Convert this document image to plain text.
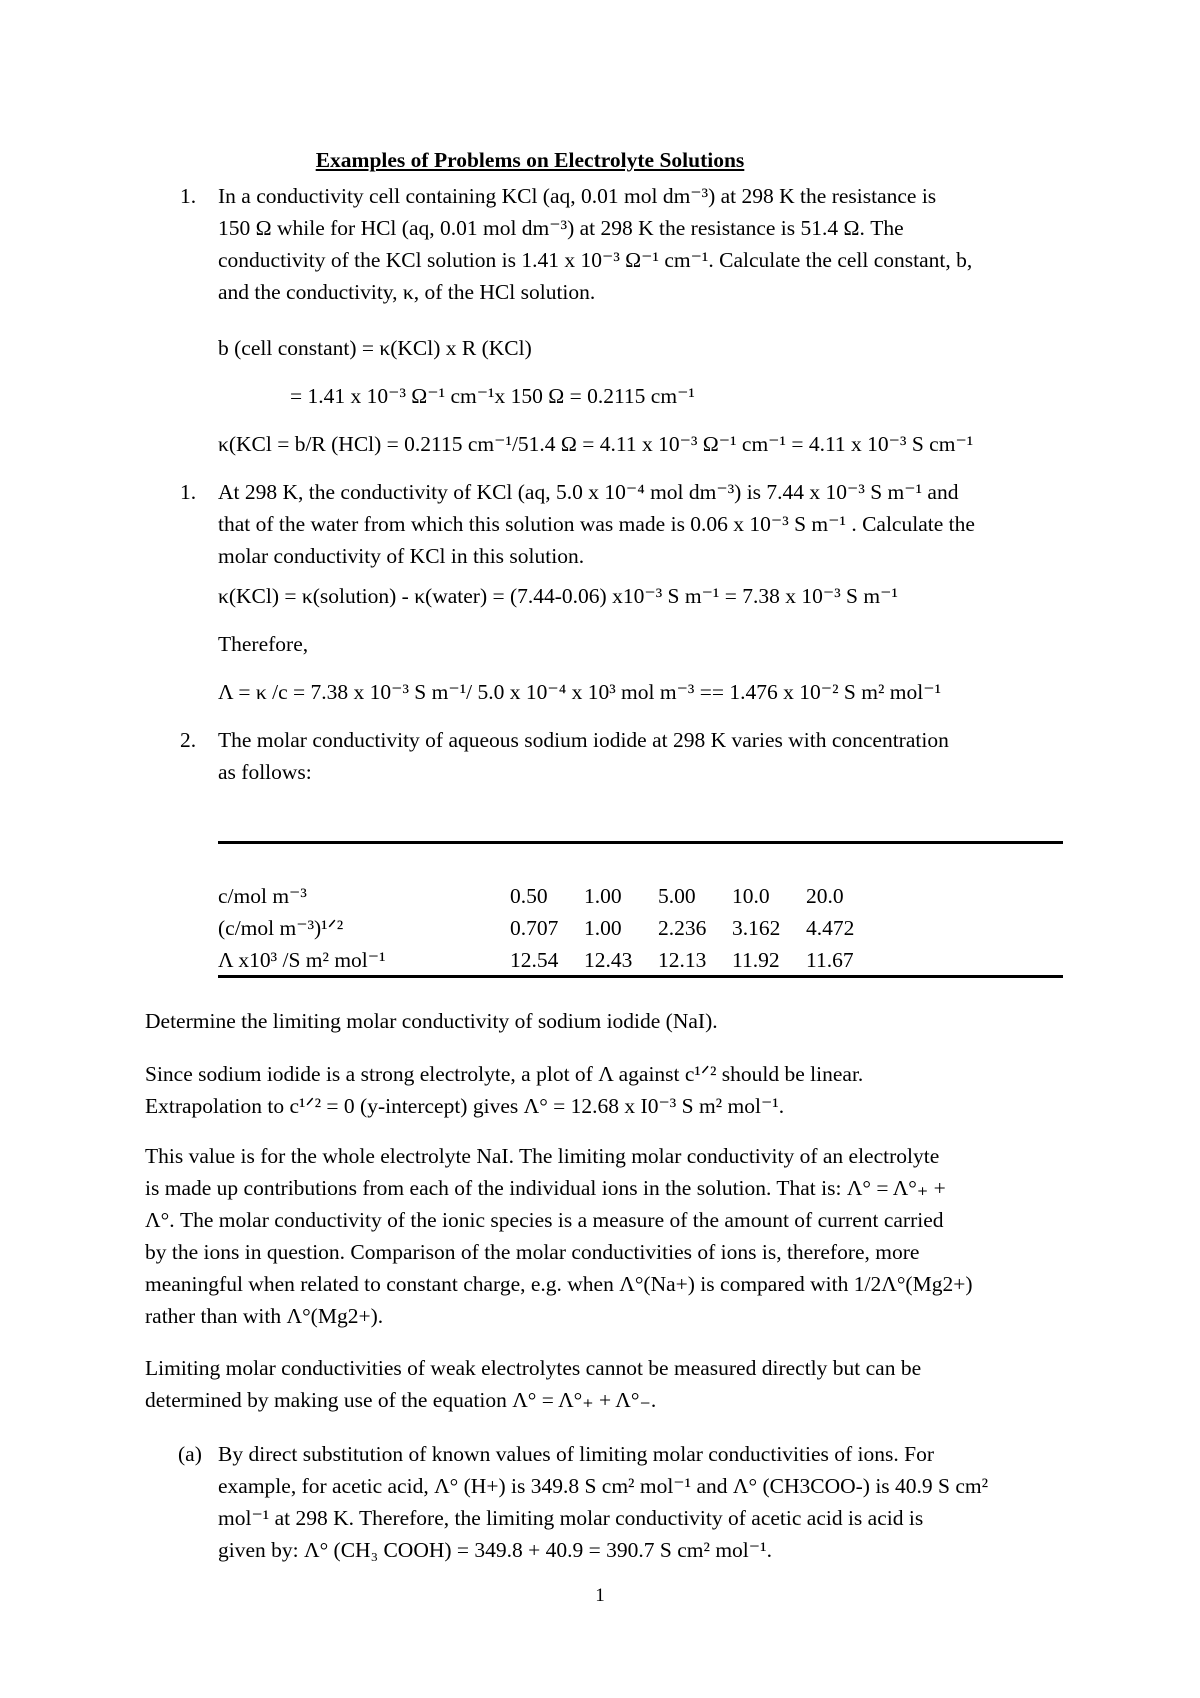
Examples of Problems on Electrolyte Solutions
1. In a conductivity cell containing KCl (aq, 0.01 mol dm⁻³) at 298 K the resistance is
150 Ω while for HCl (aq, 0.01 mol dm⁻³) at 298 K the resistance is 51.4 Ω. The
conductivity of the KCl solution is 1.41 x 10⁻³ Ω⁻¹ cm⁻¹. Calculate the cell constant, b,
and the conductivity, κ, of the HCl solution.
b (cell constant) = κ(KCl) x R (KCl)
= 1.41 x 10⁻³ Ω⁻¹ cm⁻¹x 150 Ω = 0.2115 cm⁻¹
κ(KCl = b/R (HCl) = 0.2115 cm⁻¹/51.4 Ω = 4.11 x 10⁻³ Ω⁻¹ cm⁻¹ = 4.11 x 10⁻³ S cm⁻¹
1. At 298 K, the conductivity of KCl (aq, 5.0 x 10⁻⁴ mol dm⁻³) is 7.44 x 10⁻³ S m⁻¹ and
that of the water from which this solution was made is 0.06 x 10⁻³ S m⁻¹ . Calculate the
molar conductivity of KCl in this solution.
κ(KCl) = κ(solution) - κ(water) = (7.44-0.06) x10⁻³ S m⁻¹ = 7.38 x 10⁻³ S m⁻¹
Therefore,
Λ = κ /c = 7.38 x 10⁻³ S m⁻¹/ 5.0 x 10⁻⁴ x 10³ mol m⁻³ == 1.476 x 10⁻² S m² mol⁻¹
2. The molar conductivity of aqueous sodium iodide at 298 K varies with concentration
as follows:
c/mol m⁻³	0.50	1.00	5.00	10.0	20.0
(c/mol m⁻³)¹ᐟ²	0.707	1.00	2.236	3.162	4.472
Λ x10³ /S m² mol⁻¹	12.54	12.43	12.13	11.92	11.67
Determine the limiting molar conductivity of sodium iodide (NaI).
Since sodium iodide is a strong electrolyte, a plot of Λ against c¹ᐟ² should be linear.
Extrapolation to c¹ᐟ² = 0 (y-intercept) gives Λ° = 12.68 x I0⁻³ S m² mol⁻¹.
This value is for the whole electrolyte NaI. The limiting molar conductivity of an electrolyte
is made up contributions from each of the individual ions in the solution. That is: Λ° = Λ°₊ +
Λ°. The molar conductivity of the ionic species is a measure of the amount of current carried
by the ions in question. Comparison of the molar conductivities of ions is, therefore, more
meaningful when related to constant charge, e.g. when Λ°(Na+) is compared with 1/2Λ°(Mg2+)
rather than with Λ°(Mg2+).
Limiting molar conductivities of weak electrolytes cannot be measured directly but can be
determined by making use of the equation Λ° = Λ°₊ + Λ°₋.
(a) By direct substitution of known values of limiting molar conductivities of ions. For
example, for acetic acid, Λ° (H+) is 349.8 S cm² mol⁻¹ and Λ° (CH3COO-) is 40.9 S cm²
mol⁻¹ at 298 K. Therefore, the limiting molar conductivity of acetic acid is acid is
given by: Λ° (CH₃ COOH) = 349.8 + 40.9 = 390.7 S cm² mol⁻¹.
1
